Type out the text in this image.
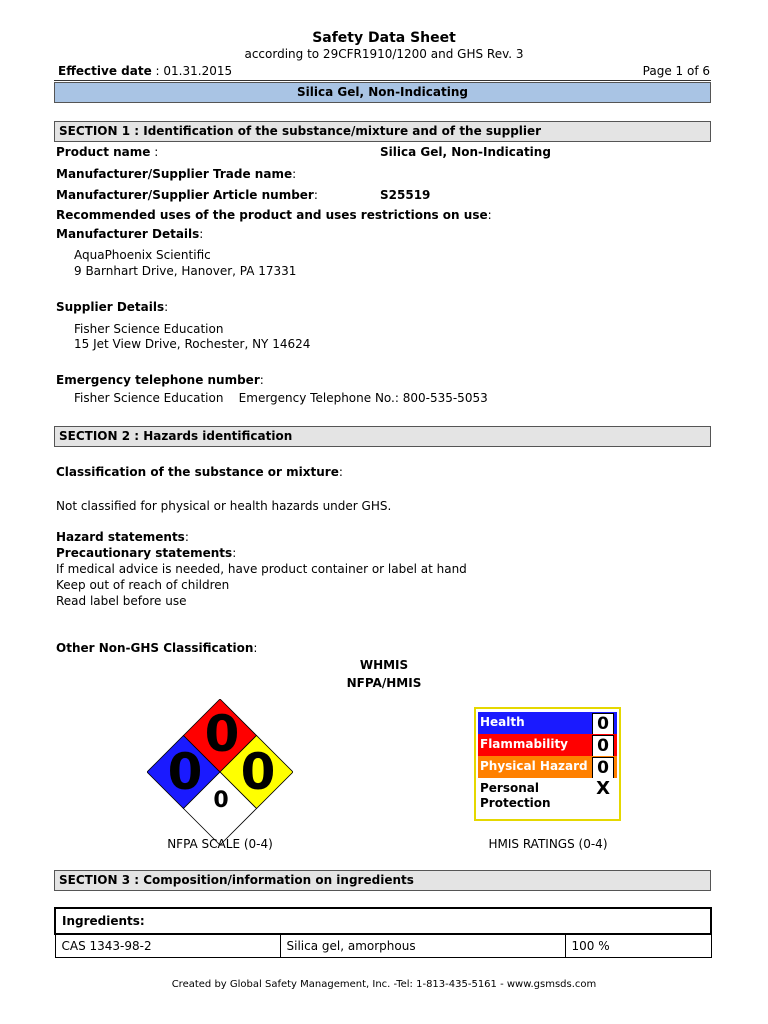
Safety Data Sheet
according to 29CFR1910/1200 and GHS Rev. 3
Effective date : 01.31.2015	Page 1 of 6
Silica Gel, Non-Indicating
SECTION 1 : Identification of the substance/mixture and of the supplier
Product name :	Silica Gel, Non-Indicating
Manufacturer/Supplier Trade name:
Manufacturer/Supplier Article number:	S25519
Recommended uses of the product and uses restrictions on use:
Manufacturer Details:
AquaPhoenix Scientific
9 Barnhart Drive, Hanover, PA 17331
Supplier Details:
Fisher Science Education
15 Jet View Drive, Rochester, NY 14624
Emergency telephone number:
Fisher Science Education    Emergency Telephone No.: 800-535-5053
SECTION 2 : Hazards identification
Classification of the substance or mixture:
Not classified for physical or health hazards under GHS.
Hazard statements:
Precautionary statements:
If medical advice is needed, have product container or label at hand
Keep out of reach of children
Read label before use
Other Non-GHS Classification:
WHMIS
NFPA/HMIS
0
0
0
0
NFPA SCALE (0-4)
Health	0
Flammability 0
Physical Hazard 0
Personal
Protection
X
HMIS RATINGS (0-4)
SECTION 3 : Composition/information on ingredients
Ingredients:
CAS 1343-98-2	Silica gel, amorphous	100 %
Created by Global Safety Management, Inc. -Tel: 1-813-435-5161 - www.gsmsds.com
